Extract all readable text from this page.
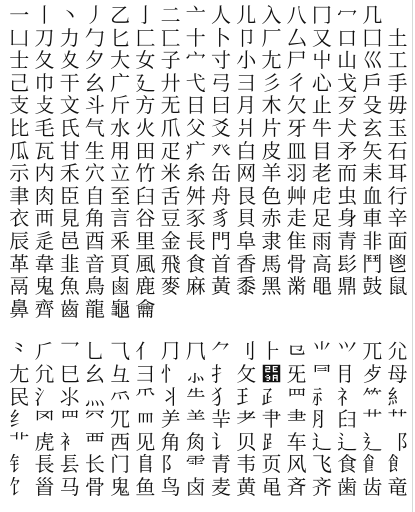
一 丨 丶 丿 乙 亅 二 亠 人 儿 入 八 冂 冖 几
凵 刀 力 勹 匕 匚 匸 十 卜 卩 厂 厶 又 口 囗 土
士 夂 夊 夕 大 女 子 宀 寸 小 尢 尸 屮 山 巛 工
己 巾 干 幺 广 廴 廾 弋 弓 彐 彡 彳 心 戈 戶 手
支 攴 文 斗 斤 方 无 日 曰 月 木 欠 止 歹 殳 毋
比 毛 氏 气 水 火 爪 父 爻 爿 片 牙 牛 犬 玄 玉
瓜 瓦 甘 生 用 田 疋 疒 癶 白 皮 皿 目 矛 矢 石
示 内 禾 穴 立 竹 米 糸 缶 网 羊 羽 老 而 耒 耳
聿 肉 臣 自 至 臼 舌 舛 舟 艮 色 艸 虍 虫 血 行
衣 襾 見 角 言 谷 豆 豕 豸 貝 赤 走 足 身 車 辛
辰 辵 邑 酉 釆 里 金 長 門 阜 隶 隹 雨 青 非 面
革 韋 韭 音 頁 風 飛 食 首 香 馬 骨 高 髟 鬥 鬯
鬲 鬼 魚 鳥 鹵 鹿 麥 麻 黃 黍 黑 黹 黽 鼎 鼓 鼠
鼻 齊 齒 龍 龜 龠
⺀ ⺁ ⺂ ⺃ ⺄ ⺅ ⺆ ⺇ ⺈ ⺉ ⺊ ⺋ ⺌ ⺍ ⺎ ⺏
⺐ ⺑ ⺒ ⺓ ⺔ ⺕ ⺖ ⺗ ⺘ ⺙ ⺚ ⺛ ⺜ ⺝ ⺞ ⺟
⺠ ⺡ ⺢ ⺣ ⺤ ⺥ ⺦ ⺧ ⺨ ⺩ ⺪ ⺫ ⺬ ⺭ ⺮ ⺯
⺰ ⺱ ⺲ ⺳ ⺴ ⺵ ⺶ ⺷ ⺸ ⺹ ⺺ ⺻ ⺼ ⺽ ⺾ ⺿
⻀ ⻁ ⻂ ⻃ ⻄ ⻅ ⻆ ⻇ ⻈ ⻉ ⻊ ⻋ ⻌ ⻍ ⻎ ⻏
⻐ ⻑ ⻒ ⻓ ⻔ ⻕ ⻖ ⻗ ⻘ ⻙ ⻚ ⻛ ⻜ ⻝ ⻞ ⻟
⻠ ⻡ ⻢ ⻣ ⻤ ⻥ ⻦ ⻧ ⻨ ⻩ ⻪ ⻫ ⻬ ⻭ ⻮ ⻯
